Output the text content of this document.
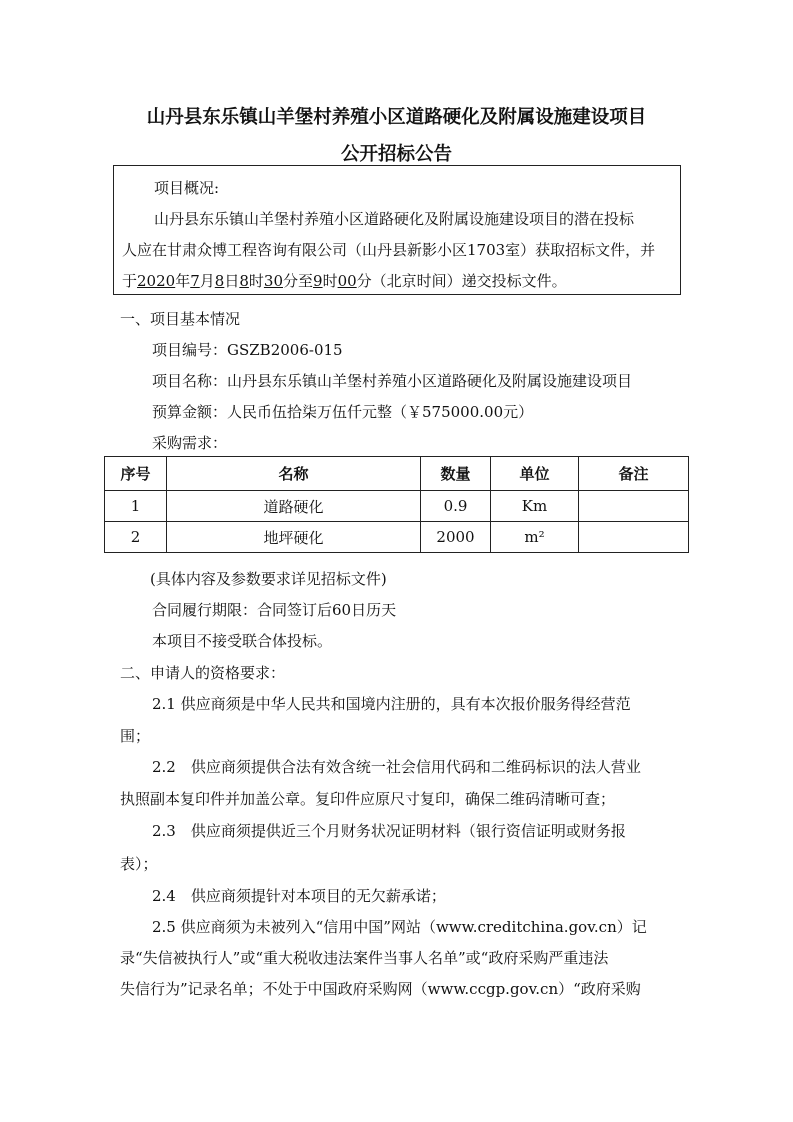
山丹县东乐镇山羊堡村养殖小区道路硬化及附属设施建设项目
公开招标公告
项目概况:
山丹县东乐镇山羊堡村养殖小区道路硬化及附属设施建设项目的潜在投标
人应在甘肃众博工程咨询有限公司（山丹县新影小区1703室）获取招标文件，并
于2020年7月8日8时30分至9时00分（北京时间）递交投标文件。
一、项目基本情况
项目编号：GSZB2006-015
项目名称：山丹县东乐镇山羊堡村养殖小区道路硬化及附属设施建设项目
预算金额：人民币伍拾柒万伍仟元整（￥575000.00元）
采购需求：
序号	名称	数量	单位	备注
1	道路硬化	0.9	Km	
2	地坪硬化	2000	m²	
(具体内容及参数要求详见招标文件)
合同履行期限：合同签订后60日历天
本项目不接受联合体投标。
二、申请人的资格要求：
2.1 供应商须是中华人民共和国境内注册的，具有本次报价服务得经营范
围；
2.2　供应商须提供合法有效含统一社会信用代码和二维码标识的法人营业
执照副本复印件并加盖公章。复印件应原尺寸复印，确保二维码清晰可查；
2.3　供应商须提供近三个月财务状况证明材料（银行资信证明或财务报
表）；
2.4　供应商须提针对本项目的无欠薪承诺；
2.5 供应商须为未被列入“信用中国”网站（www.creditchina.gov.cn）记
录“失信被执行人”或“重大税收违法案件当事人名单”或“政府采购严重违法
失信行为”记录名单；不处于中国政府采购网（www.ccgp.gov.cn）“政府采购
